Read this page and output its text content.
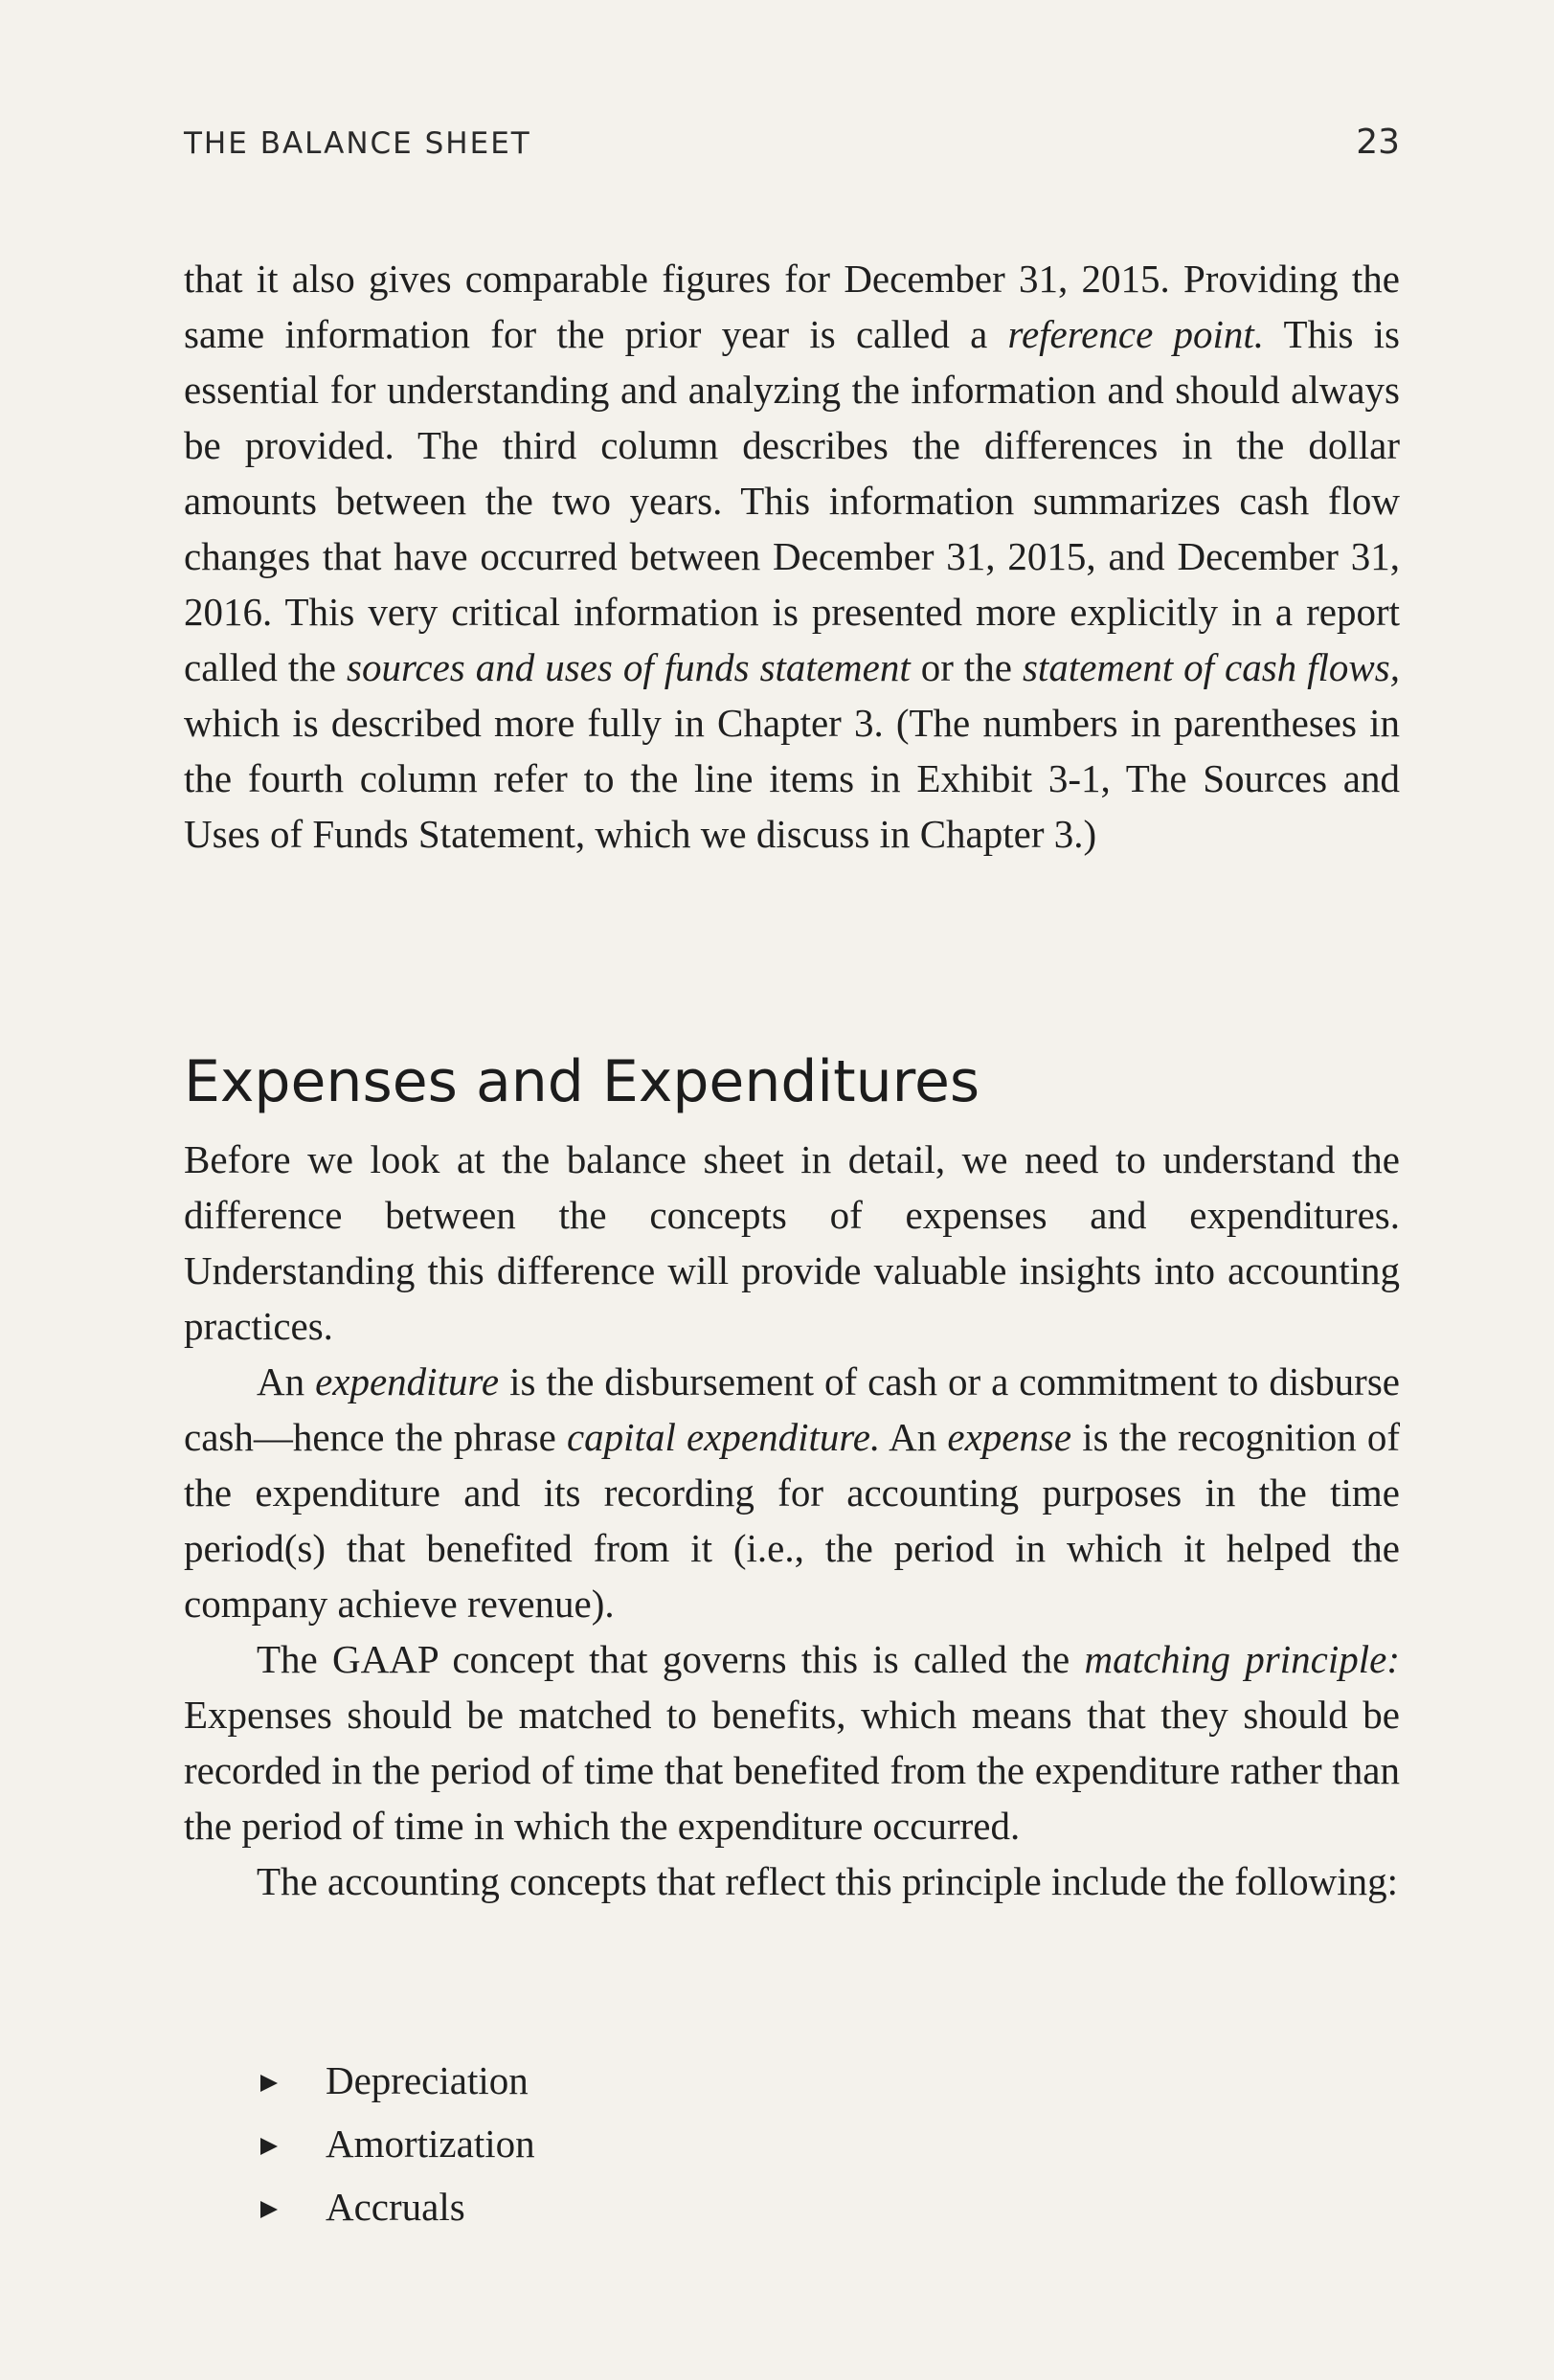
THE BALANCE SHEET	23

that it also gives comparable figures for December 31, 2015. Providing the same information for the prior year is called a reference point. This is essential for understanding and analyzing the information and should always be provided. The third column describes the differences in the dollar amounts between the two years. This information summarizes cash flow changes that have occurred between December 31, 2015, and December 31, 2016. This very critical information is presented more explicitly in a report called the sources and uses of funds statement or the statement of cash flows, which is described more fully in Chapter 3. (The numbers in parentheses in the fourth column refer to the line items in Exhibit 3-1, The Sources and Uses of Funds Statement, which we discuss in Chapter 3.)

Expenses and Expenditures

Before we look at the balance sheet in detail, we need to understand the difference between the concepts of expenses and expenditures. Understanding this difference will provide valuable insights into accounting practices.

An expenditure is the disbursement of cash or a commitment to disburse cash—hence the phrase capital expenditure. An expense is the recognition of the expenditure and its recording for accounting purposes in the time period(s) that benefited from it (i.e., the period in which it helped the company achieve revenue).

The GAAP concept that governs this is called the matching principle: Expenses should be matched to benefits, which means that they should be recorded in the period of time that benefited from the expenditure rather than the period of time in which the expenditure occurred.

The accounting concepts that reflect this principle include the following:

Depreciation
Amortization
Accruals
